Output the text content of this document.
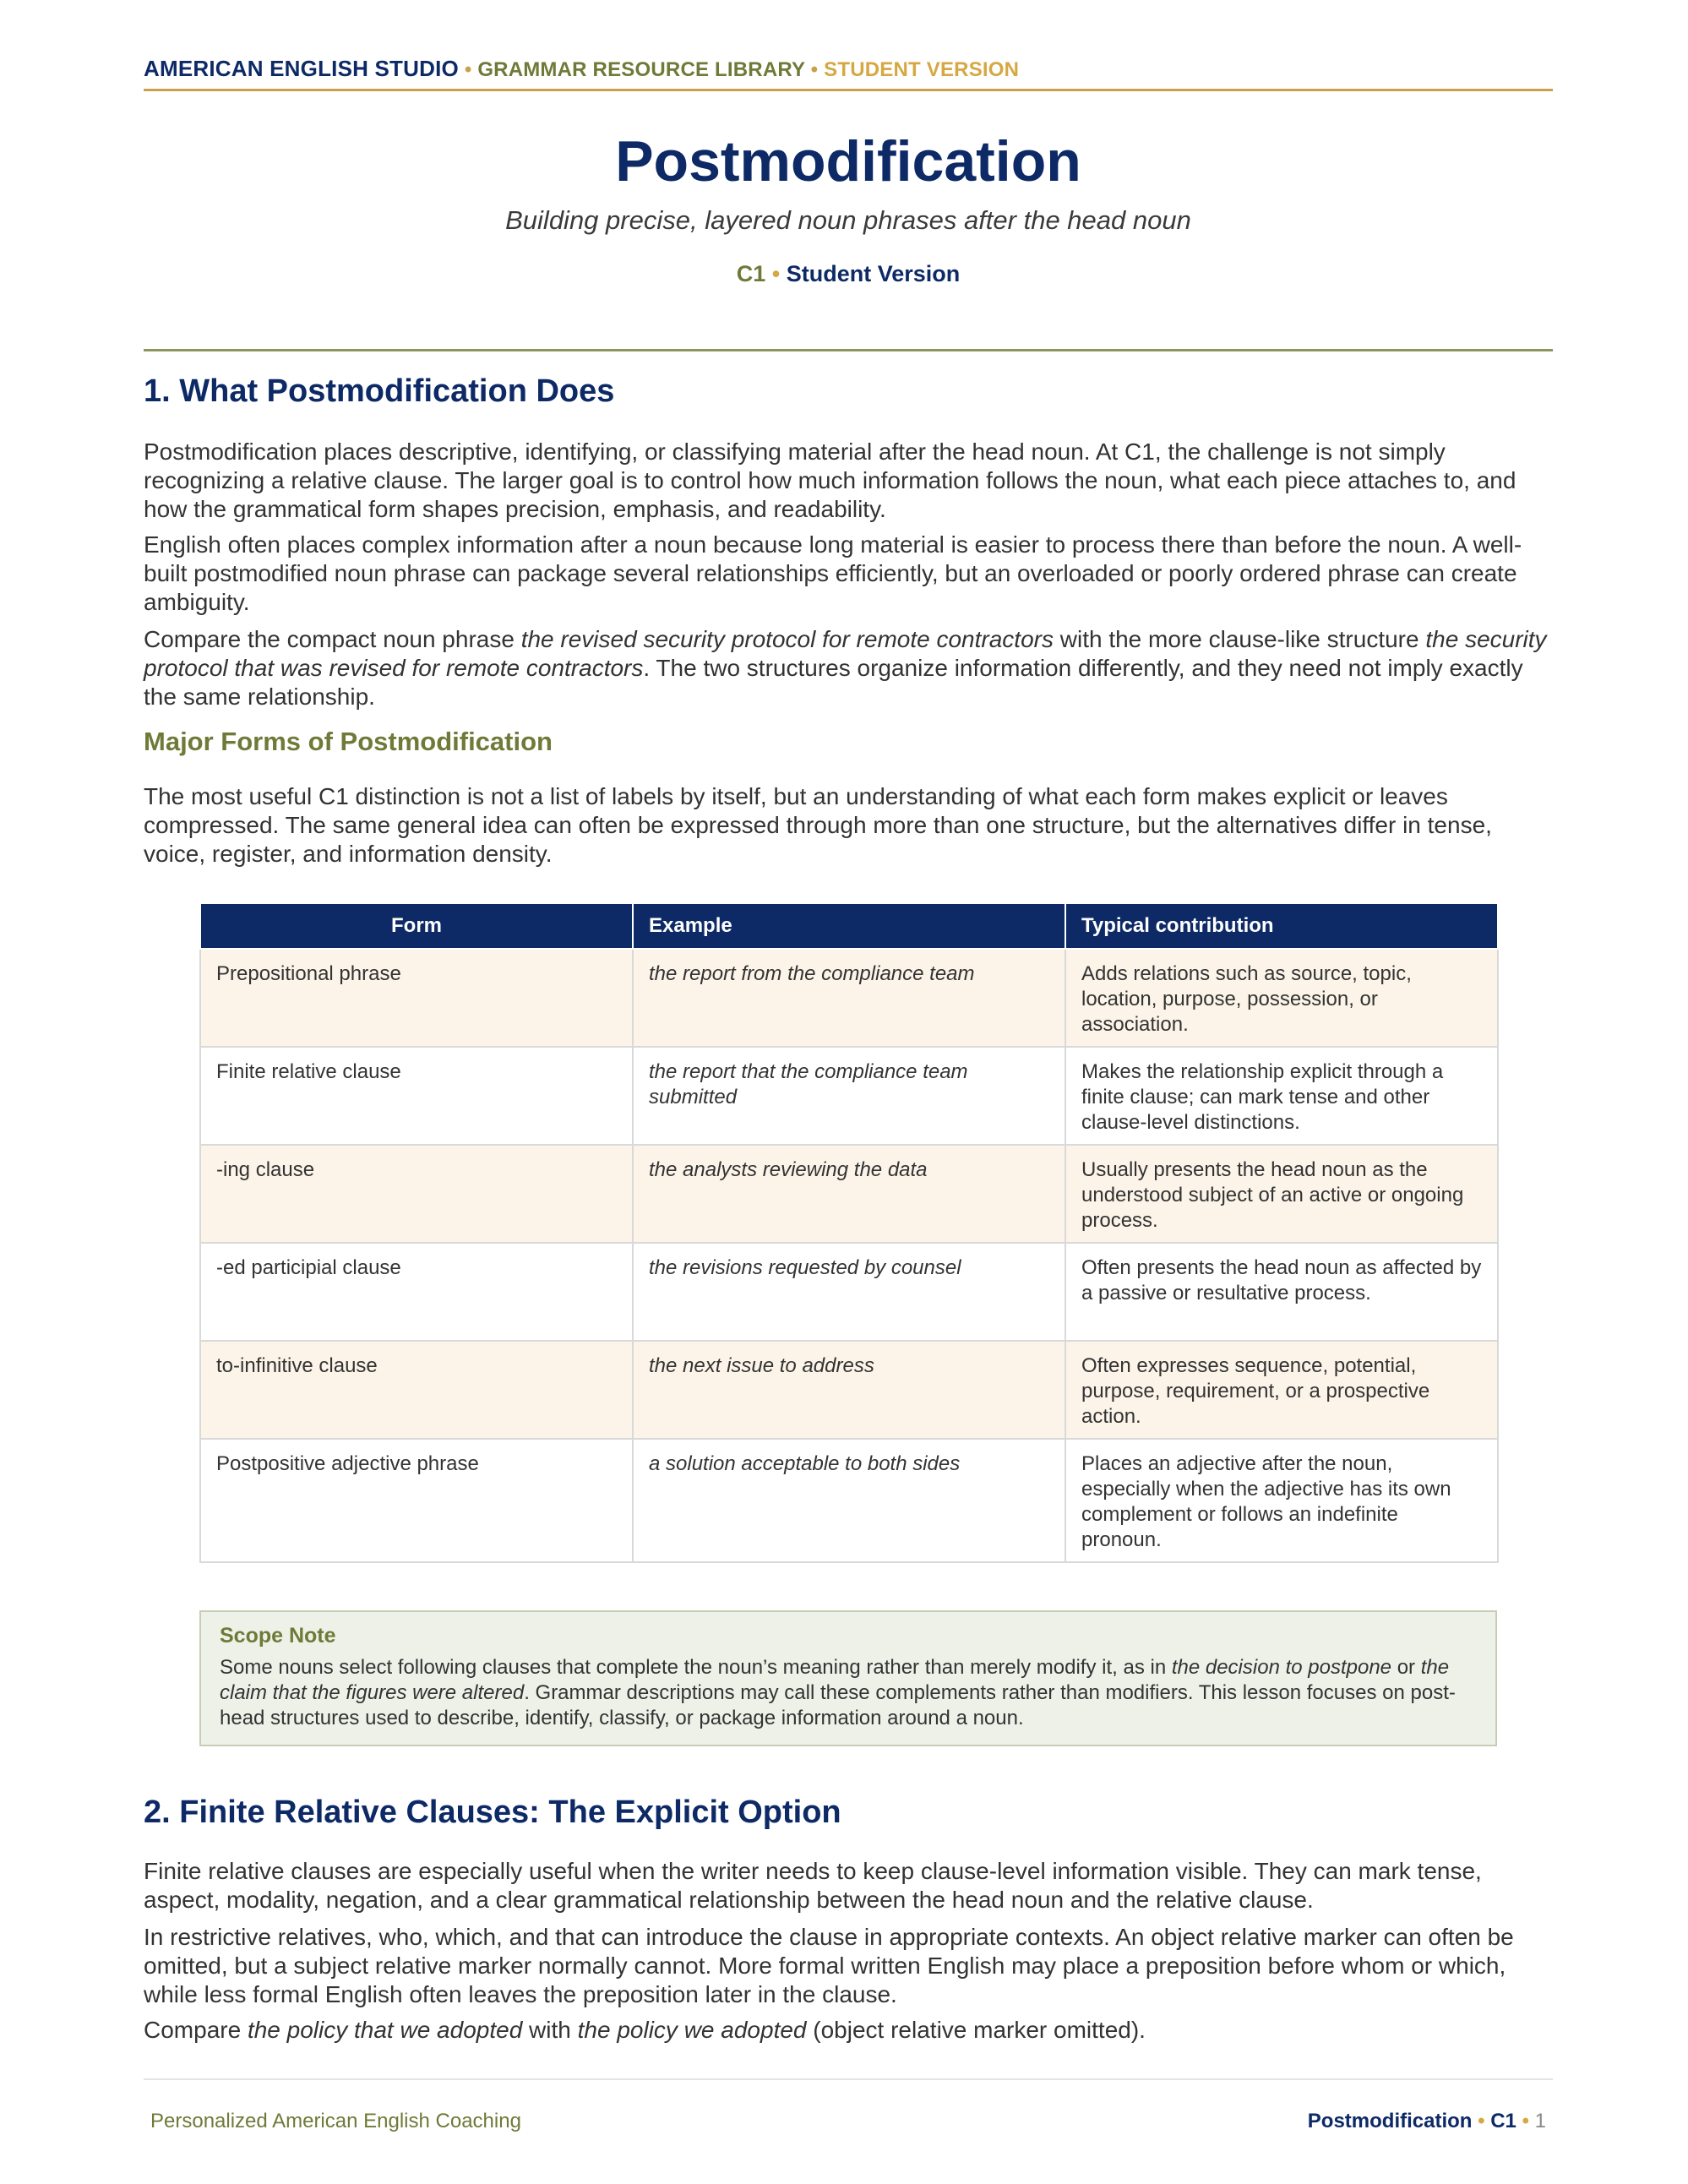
AMERICAN ENGLISH STUDIO • GRAMMAR RESOURCE LIBRARY • STUDENT VERSION
Postmodification

Building precise, layered noun phrases after the head noun

C1 • Student Version
1. What Postmodification Does

Postmodification places descriptive, identifying, or classifying material after the head noun. At C1, the challenge is not simply recognizing a relative clause. The larger goal is to control how much information follows the noun, what each piece attaches to, and how the grammatical form shapes precision, emphasis, and readability.

English often places complex information after a noun because long material is easier to process there than before the noun. A well-built postmodified noun phrase can package several relationships efficiently, but an overloaded or poorly ordered phrase can create ambiguity.

Compare the compact noun phrase the revised security protocol for remote contractors with the more clause-like structure the security protocol that was revised for remote contractors. The two structures organize information differently, and they need not imply exactly the same relationship.

Major Forms of Postmodification

The most useful C1 distinction is not a list of labels by itself, but an understanding of what each form makes explicit or leaves compressed. The same general idea can often be expressed through more than one structure, but the alternatives differ in tense, voice, register, and information density.

Form	Example	Typical contribution
Prepositional phrase	the report from the compliance team	Adds relations such as source, topic, location, purpose, possession, or association.
Finite relative clause	the report that the compliance team submitted	Makes the relationship explicit through a finite clause; can mark tense and other clause-level distinctions.
-ing clause	the analysts reviewing the data	Usually presents the head noun as the understood subject of an active or ongoing process.
-ed participial clause	the revisions requested by counsel	Often presents the head noun as affected by a passive or resultative process.
to-infinitive clause	the next issue to address	Often expresses sequence, potential, purpose, requirement, or a prospective action.
Postpositive adjective phrase	a solution acceptable to both sides	Places an adjective after the noun, especially when the adjective has its own complement or follows an indefinite pronoun.

Scope Note

Some nouns select following clauses that complete the noun’s meaning rather than merely modify it, as in the decision to postpone or the claim that the figures were altered. Grammar descriptions may call these complements rather than modifiers. This lesson focuses on post-head structures used to describe, identify, classify, or package information around a noun.

2. Finite Relative Clauses: The Explicit Option

Finite relative clauses are especially useful when the writer needs to keep clause-level information visible. They can mark tense, aspect, modality, negation, and a clear grammatical relationship between the head noun and the relative clause.

In restrictive relatives, who, which, and that can introduce the clause in appropriate contexts. An object relative marker can often be omitted, but a subject relative marker normally cannot. More formal written English may place a preposition before whom or which, while less formal English often leaves the preposition later in the clause.

Compare the policy that we adopted with the policy we adopted (object relative marker omitted).

Personalized American English Coaching	Postmodification • C1 • 1
